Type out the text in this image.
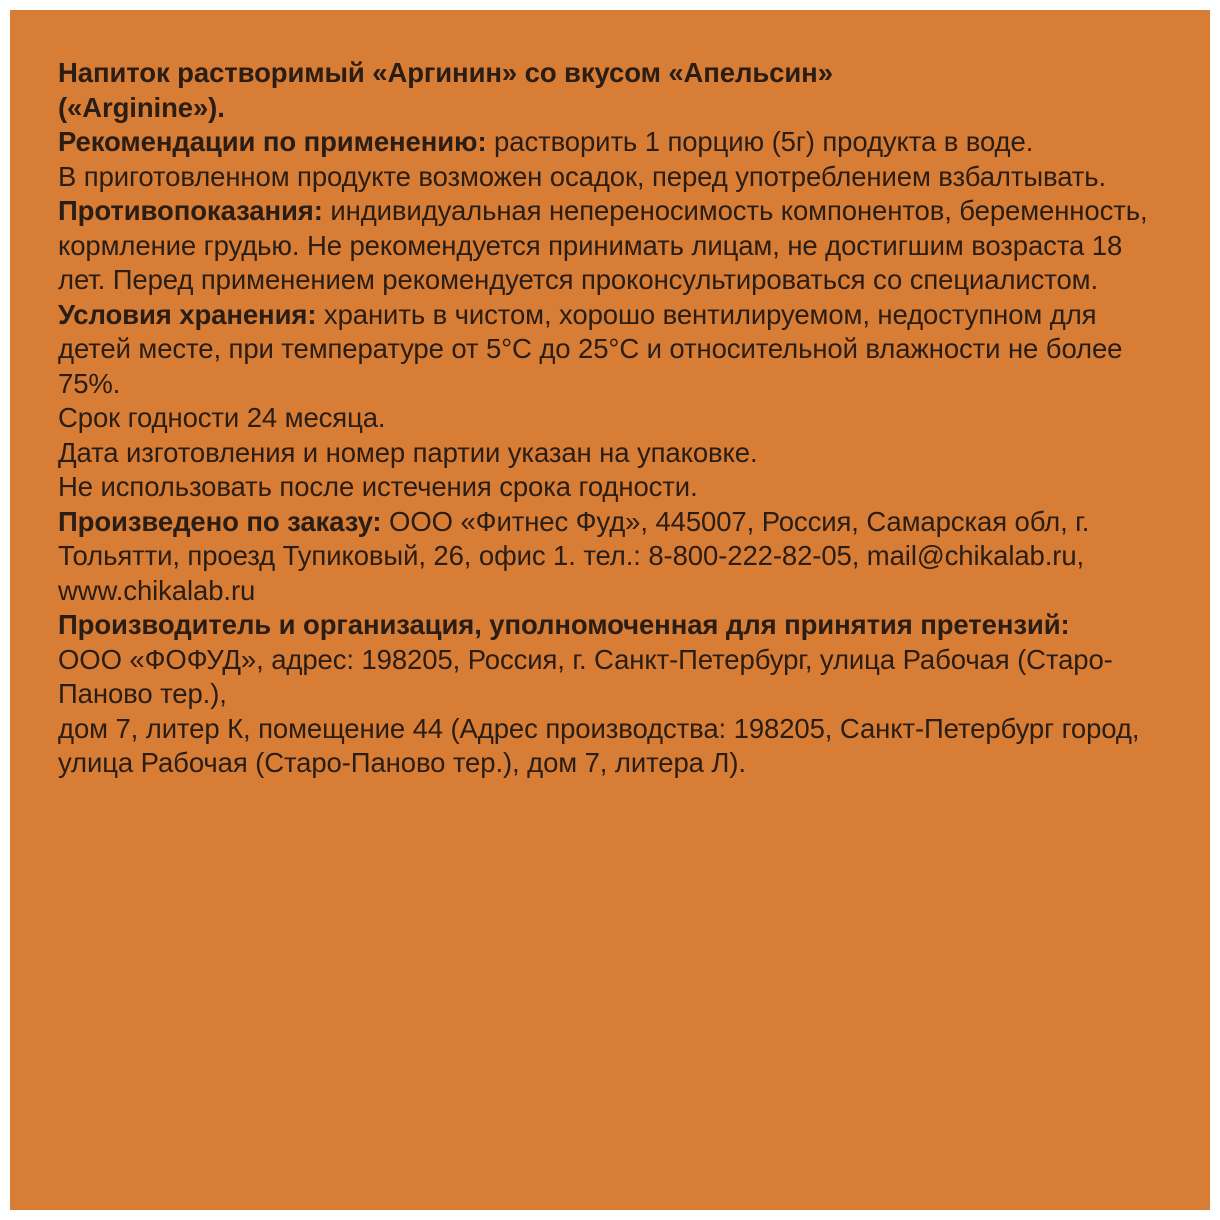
Напиток растворимый «Аргинин» со вкусом «Апельсин»
(«Arginine»).

Рекомендации по применению: растворить 1 порцию (5г) продукта в воде.

В приготовленном продукте возможен осадок, перед употреблением взбалтывать.

Противопоказания: индивидуальная непереносимость компонентов, беременность, кормление грудью. Не рекомендуется принимать лицам, не достигшим возраста 18 лет. Перед применением рекомендуется проконсультироваться со специалистом.

Условия хранения: хранить в чистом, хорошо вентилируемом, недоступном для детей месте, при температуре от 5°С до 25°С и относительной влажности не более 75%.

Срок годности 24 месяца.

Дата изготовления и номер партии указан на упаковке.

Не использовать после истечения срока годности.

Произведено по заказу: ООО «Фитнес Фуд», 445007, Россия, Самарская обл, г. Тольятти, проезд Тупиковый, 26, офис 1. тел.: 8-800-222-82-05, mail@chikalab.ru, www.chikalab.ru

Производитель и организация, уполномоченная для принятия претензий:

ООО «ФОФУД», адрес: 198205, Россия, г. Санкт-Петербург, улица Рабочая (Старо-Паново тер.),

дом 7, литер К, помещение 44 (Адрес производства: 198205, Санкт-Петербург город, улица Рабочая (Старо-Паново тер.), дом 7, литера Л).
